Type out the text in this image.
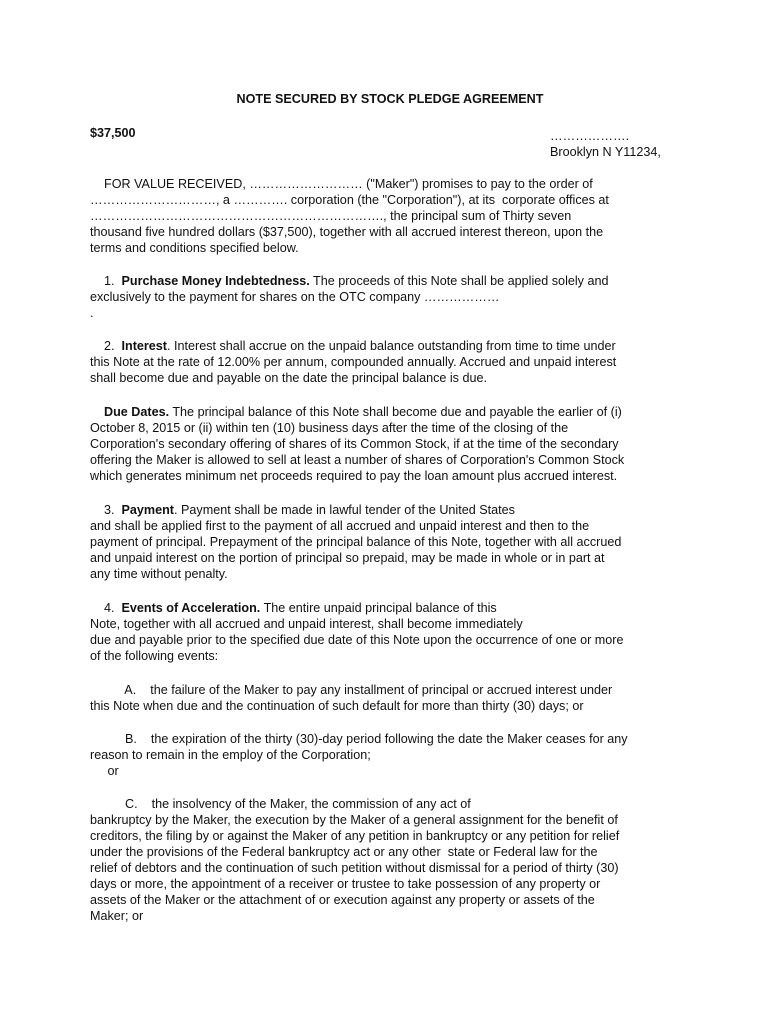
NOTE SECURED BY STOCK PLEDGE AGREEMENT
$37,500	……………….
Brooklyn N Y11234,
FOR VALUE RECEIVED, ……………………… ("Maker") promises to pay to the order of
…………………………, a …………. corporation (the "Corporation"), at its  corporate offices at
……………………………………………………………., the principal sum of Thirty seven
thousand five hundred dollars ($37,500), together with all accrued interest thereon, upon the
terms and conditions specified below.
1.  Purchase Money Indebtedness. The proceeds of this Note shall be applied solely and
exclusively to the payment for shares on the OTC company ………………
.
2.  Interest. Interest shall accrue on the unpaid balance outstanding from time to time under
this Note at the rate of 12.00% per annum, compounded annually. Accrued and unpaid interest
shall become due and payable on the date the principal balance is due.
Due Dates. The principal balance of this Note shall become due and payable the earlier of (i)
October 8, 2015 or (ii) within ten (10) business days after the time of the closing of the
Corporation's secondary offering of shares of its Common Stock, if at the time of the secondary
offering the Maker is allowed to sell at least a number of shares of Corporation's Common Stock
which generates minimum net proceeds required to pay the loan amount plus accrued interest.
3.  Payment. Payment shall be made in lawful tender of the United States
and shall be applied first to the payment of all accrued and unpaid interest and then to the
payment of principal. Prepayment of the principal balance of this Note, together with all accrued
and unpaid interest on the portion of principal so prepaid, may be made in whole or in part at
any time without penalty.
4.  Events of Acceleration. The entire unpaid principal balance of this
Note, together with all accrued and unpaid interest, shall become immediately
due and payable prior to the specified due date of this Note upon the occurrence of one or more
of the following events:
A.    the failure of the Maker to pay any installment of principal or accrued interest under
this Note when due and the continuation of such default for more than thirty (30) days; or
B.    the expiration of the thirty (30)-day period following the date the Maker ceases for any
reason to remain in the employ of the Corporation;
or
C.    the insolvency of the Maker, the commission of any act of
bankruptcy by the Maker, the execution by the Maker of a general assignment for the benefit of
creditors, the filing by or against the Maker of any petition in bankruptcy or any petition for relief
under the provisions of the Federal bankruptcy act or any other  state or Federal law for the
relief of debtors and the continuation of such petition without dismissal for a period of thirty (30)
days or more, the appointment of a receiver or trustee to take possession of any property or
assets of the Maker or the attachment of or execution against any property or assets of the
Maker; or
